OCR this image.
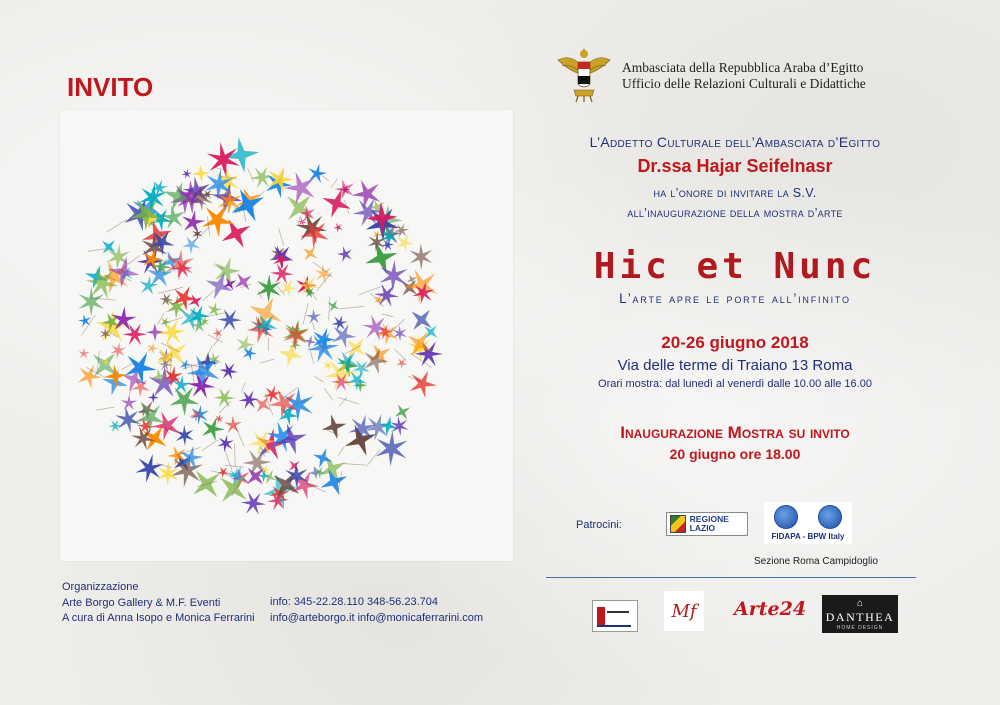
INVITO
Ambasciata della Repubblica Araba d’Egitto
Ufficio delle Relazioni Culturali e Didattiche
L’Addetto Culturale dell’Ambasciata d’Egitto
Dr.ssa Hajar Seifelnasr
ha l’onore di invitare la S.V.
all’inaugurazione della mostra d’arte
Hic et Nunc
L’arte apre le porte all’infinito
20-26 giugno 2018
Via delle terme di Traiano 13 Roma
Orari mostra: dal lunedì al venerdì dalle 10.00 alle 16.00
Inaugurazione Mostra su invito
20 giugno ore 18.00
Patrocini:	REGIONE LAZIO
FIDAPA - BPW Italy
Sezione Roma Campidoglio
Mf	Arte24	⌂
DANTHEA
HOME DESIGN
Organizzazione
Arte Borgo Gallery & M.F. Eventi
A cura di Anna Isopo e Monica Ferrarini
info: 345-22.28.110 348-56.23.704
info@arteborgo.it info@monicaferrarini.com
